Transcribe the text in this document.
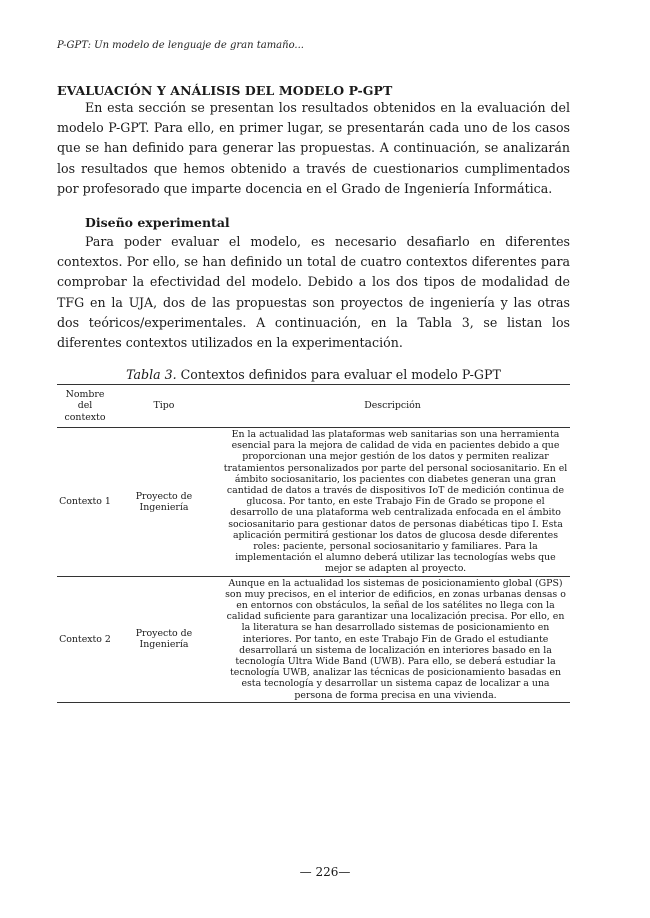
P-GPT: Un modelo de lenguaje de gran tamaño...
EVALUACIÓN Y ANÁLISIS DEL MODELO P-GPT

En esta sección se presentan los resultados obtenidos en la evaluación del modelo P-GPT. Para ello, en primer lugar, se presentarán cada uno de los casos que se han definido para generar las propuestas. A continuación, se analizarán los resultados que hemos obtenido a través de cuestionarios cumplimentados por profesorado que imparte docencia en el Grado de Ingeniería Informática.

Diseño experimental

Para poder evaluar el modelo, es necesario desafiarlo en diferentes contextos. Por ello, se han definido un total de cuatro contextos diferentes para comprobar la efectividad del modelo. Debido a los dos tipos de modalidad de TFG en la UJA, dos de las propuestas son proyectos de ingeniería y las otras dos teóricos/experimentales. A continuación, en la Tabla 3, se listan los diferentes contextos utilizados en la experimentación.

Tabla 3. Contextos definidos para evaluar el modelo P-GPT
Nombre del contexto	Tipo	Descripción
Contexto 1	Proyecto de Ingeniería	En la actualidad las plataformas web sanitarias son una herramienta esencial para la mejora de calidad de vida en pacientes debido a que proporcionan una mejor gestión de los datos y permiten realizar tratamientos personalizados por parte del personal sociosanitario. En el ámbito sociosanitario, los pacientes con diabetes generan una gran cantidad de datos a través de dispositivos IoT de medición continua de glucosa. Por tanto, en este Trabajo Fin de Grado se propone el desarrollo de una plataforma web centralizada enfocada en el ámbito sociosanitario para gestionar datos de personas diabéticas tipo I. Esta aplicación permitirá gestionar los datos de glucosa desde diferentes roles: paciente, personal sociosanitario y familiares. Para la implementación el alumno deberá utilizar las tecnologías webs que mejor se adapten al proyecto.
Contexto 2	Proyecto de Ingeniería	Aunque en la actualidad los sistemas de posicionamiento global (GPS) son muy precisos, en el interior de edificios, en zonas urbanas densas o en entornos con obstáculos, la señal de los satélites no llega con la calidad suficiente para garantizar una localización precisa. Por ello, en la literatura se han desarrollado sistemas de posicionamiento en interiores. Por tanto, en este Trabajo Fin de Grado el estudiante desarrollará un sistema de localización en interiores basado en la tecnología Ultra Wide Band (UWB). Para ello, se deberá estudiar la tecnología UWB, analizar las técnicas de posicionamiento basadas en esta tecnología y desarrollar un sistema capaz de localizar a una persona de forma precisa en una vivienda.
— 226—
